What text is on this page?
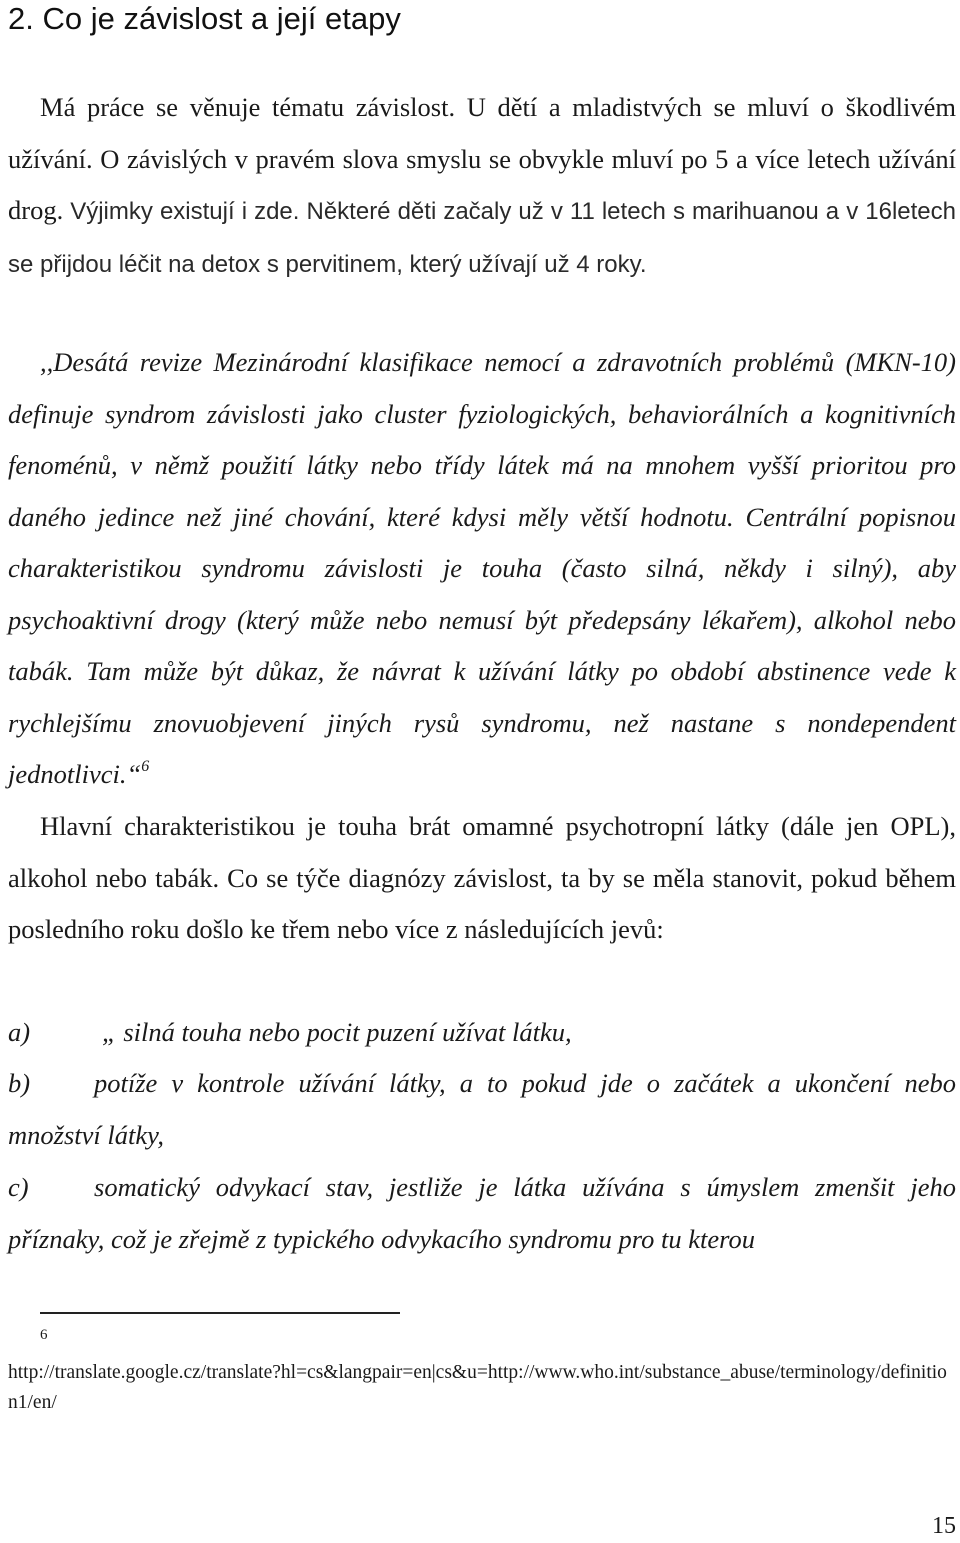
2. Co je závislost a její etapy

Má práce se věnuje tématu závislost. U dětí a mladistvých se mluví o škodlivém užívání. O závislých v pravém slova smyslu se obvykle mluví po 5 a více letech užívání drog. Výjimky existují i zde. Některé děti začaly už v 11 letech s marihuanou a v 16letech se přijdou léčit na detox s pervitinem, který užívají už 4 roky.

,,Desátá revize Mezinárodní klasifikace nemocí a zdravotních problémů (MKN-10) definuje syndrom závislosti jako cluster fyziologických, behaviorálních a kognitivních fenoménů, v němž použití látky nebo třídy látek má na mnohem vyšší prioritou pro daného jedince než jiné chování, které kdysi měly větší hodnotu. Centrální popisnou charakteristikou syndromu závislosti je touha (často silná, někdy i silný), aby psychoaktivní drogy (který může nebo nemusí být předepsány lékařem), alkohol nebo tabák. Tam může být důkaz, že návrat k užívání látky po období abstinence vede k rychlejšímu znovuobjevení jiných rysů syndromu, než nastane s nondependent jednotlivci.“$^6$

Hlavní charakteristikou je touha brát omamné psychotropní látky (dále jen OPL), alkohol nebo tabák. Co se týče diagnózy závislost, ta by se měla stanovit, pokud během posledního roku došlo ke třem nebo více z následujících jevů:

a)	„ silná touha nebo pocit puzení užívat látku,

b) potíže v kontrole užívání látky, a to pokud jde o začátek a ukončení nebo množství látky,

c) somatický odvykací stav, jestliže je látka užívána s úmyslem zmenšit jeho příznaky, což je zřejmě z typického odvykacího syndromu pro tu kterou

6

http://translate.google.cz/translate?hl=cs&langpair=en|cs&u=http://www.who.int/substance_abuse/terminology/definition1/en/

15
